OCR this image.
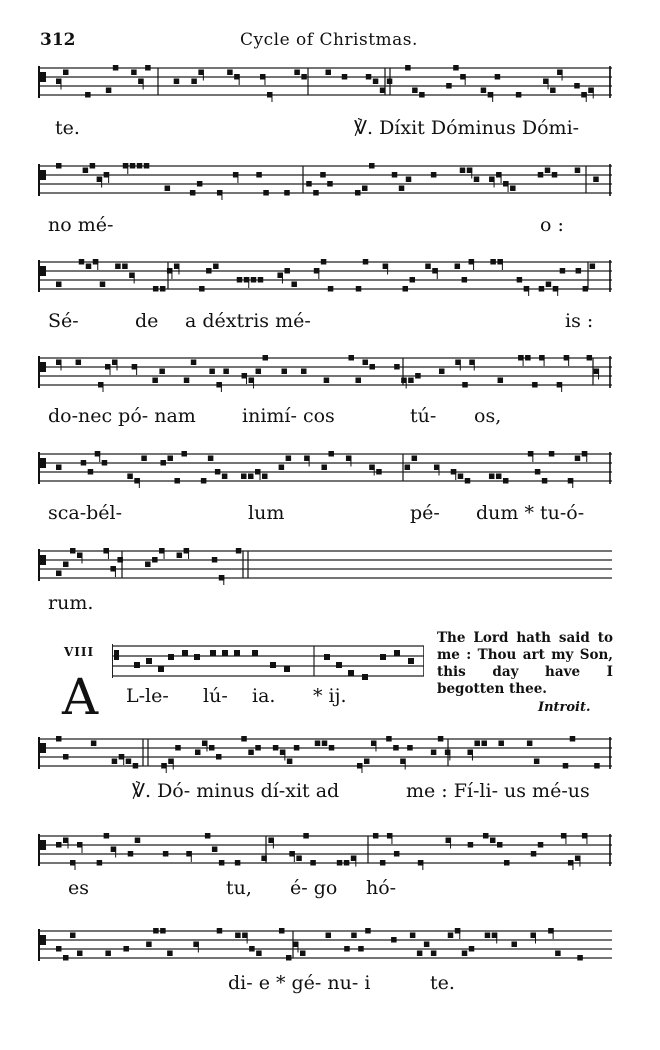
312	Cycle of Christmas.
te.	℣. Díxit Dóminus Dómi-
no mé-	o :
Sé-	de a déxtris mé-	is :
do-nec pó- nam inimí- cos	tú- os,
sca-bél-	lum	pé- dum * tu-ó-
rum.
L-le- lú- ia. * ij.
℣. Dó- minus dí-xit ad	me : Fí-li- us mé-us
es	tu, é- go hó-
di- e * gé- nu- i	te.
VIII
A
The Lord hath said to me : Thou art my Son, this day have I begotten thee.
Introit.
